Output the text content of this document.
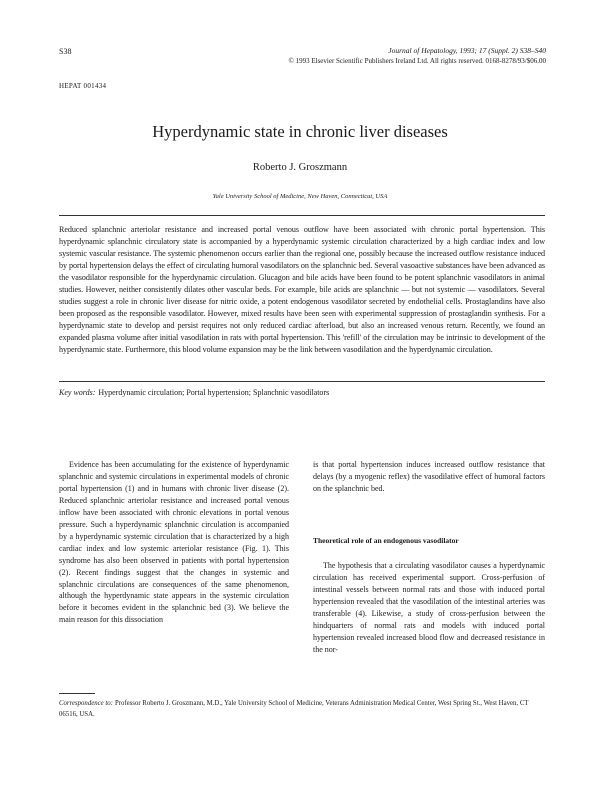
S38	Journal of Hepatology, 1993; 17 (Suppl. 2) S38–S40
© 1993 Elsevier Scientific Publishers Ireland Ltd. All rights reserved. 0168-8278/93/$06.00
HEPAT 001434
Hyperdynamic state in chronic liver diseases
Roberto J. Groszmann
Yale University School of Medicine, New Haven, Connecticut, USA

Reduced splanchnic arteriolar resistance and increased portal venous outflow have been associated with chronic portal hypertension. This hyperdynamic splanchnic circulatory state is accompanied by a hyperdynamic systemic circulation characterized by a high cardiac index and low systemic vascular resistance. The systemic phenomenon occurs earlier than the regional one, possibly because the increased outflow resistance induced by portal hypertension delays the effect of circulating humoral vasodilators on the splanchnic bed. Several vasoactive substances have been advanced as the vasodilator responsible for the hyperdynamic circulation. Glucagon and bile acids have been found to be potent splanchnic vasodilators in animal studies. However, neither consistently dilates other vascular beds. For example, bile acids are splanchnic — but not systemic — vasodilators. Several studies suggest a role in chronic liver disease for nitric oxide, a potent endogenous vasodilator secreted by endothelial cells. Prostaglandins have also been proposed as the responsible vasodilator. However, mixed results have been seen with experimental suppression of prostaglandin synthesis. For a hyperdynamic state to develop and persist requires not only reduced cardiac afterload, but also an increased venous return. Recently, we found an expanded plasma volume after initial vasodilation in rats with portal hypertension. This 'refill' of the circulation may be intrinsic to development of the hyperdynamic state. Furthermore, this blood volume expansion may be the link between vasodilation and the hyperdynamic circulation.

Key words: Hyperdynamic circulation; Portal hypertension; Splanchnic vasodilators

Evidence has been accumulating for the existence of hyperdynamic splanchnic and systemic circulations in experimental models of chronic portal hypertension (1) and in humans with chronic liver disease (2). Reduced splanchnic arteriolar resistance and increased portal venous inflow have been associated with chronic elevations in portal venous pressure. Such a hyperdynamic splanchnic circulation is accompanied by a hyperdynamic systemic circulation that is characterized by a high cardiac index and low systemic arteriolar resistance (Fig. 1). This syndrome has also been observed in patients with portal hypertension (2). Recent findings suggest that the changes in systemic and splanchnic circulations are consequences of the same phenomenon, although the hyperdynamic state appears in the systemic circulation before it becomes evident in the splanchnic bed (3). We believe the main reason for this dissociation

is that portal hypertension induces increased outflow resistance that delays (by a myogenic reflex) the vasodilative effect of humoral factors on the splanchnic bed.

Theoretical role of an endogenous vasodilator

The hypothesis that a circulating vasodilator causes a hyperdynamic circulation has received experimental support. Cross-perfusion of intestinal vessels between normal rats and those with induced portal hypertension revealed that the vasodilation of the intestinal arteries was transferable (4). Likewise, a study of cross-perfusion between the hindquarters of normal rats and models with induced portal hypertension revealed increased blood flow and decreased resistance in the nor-

Correspondence to: Professor Roberto J. Groszmann, M.D., Yale University School of Medicine, Veterans Administration Medical Center, West Spring St., West Haven, CT 06516, USA.
